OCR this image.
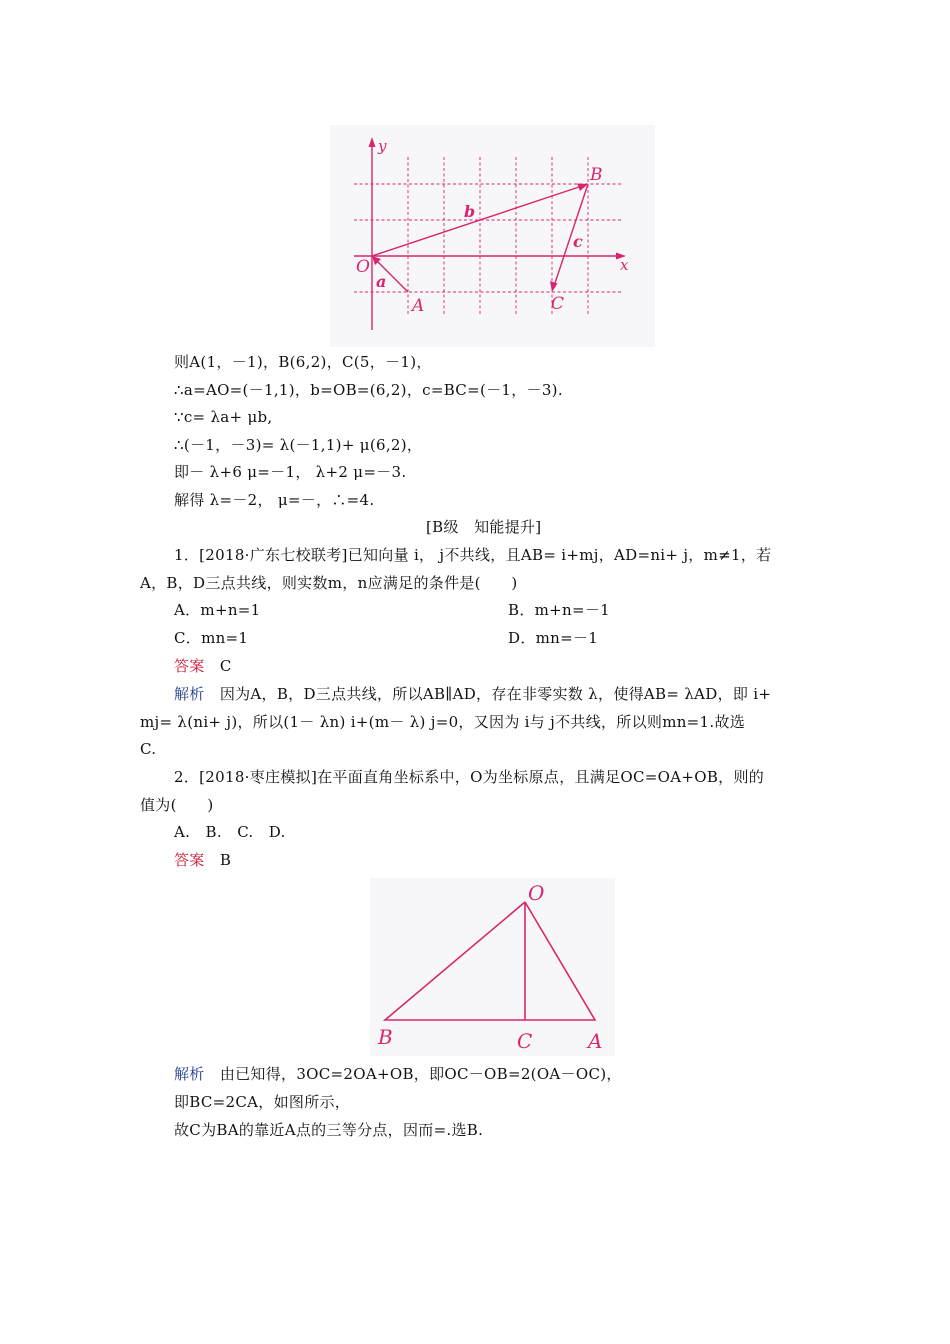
y
x
O
B
C
A
b
c
a
则A(1，－1)，B(6,2)，C(5，－1)，
∴a=AO=(－1,1)，b=OB=(6,2)，c=BC=(－1，－3).
∵c= λa+ μb,
∴(－1，－3)= λ(－1,1)+ μ(6,2)，
即－ λ+6 μ=－1， λ+2 μ=－3.
解得 λ=－2， μ=－，∴=4.
[B级　知能提升]
1．[2018·广东七校联考]已知向量 i， j不共线，且AB= i+mj，AD=ni+ j，m≠1，若
A，B，D三点共线，则实数m，n应满足的条件是(　　)
A．m+n=1	B．m+n=－1
C．mn=1	D．mn=－1
答案 C
解析 因为A，B，D三点共线，所以AB∥AD，存在非零实数 λ，使得AB= λAD，即 i+
mj= λ(ni+ j)，所以(1－ λn) i+(m－ λ) j=0，又因为 i与 j不共线，所以则mn=1.故选
C.
2．[2018·枣庄模拟]在平面直角坐标系中，O为坐标原点，且满足OC=OA+OB，则的
值为(　　)
A.　B.　C.　D.
答案 B
O
B	C	A
解析 由已知得，3OC=2OA+OB，即OC－OB=2(OA－OC)，
即BC=2CA，如图所示，
故C为BA的靠近A点的三等分点，因而=.选B.
